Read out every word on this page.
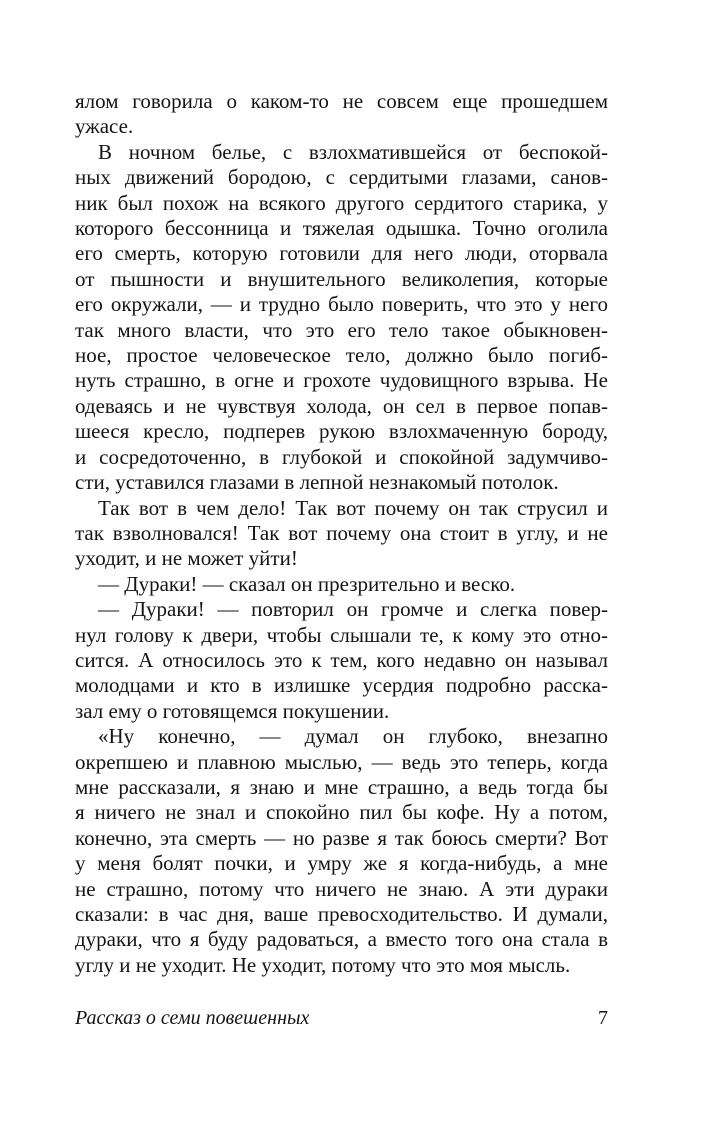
ялом говорила о каком-то не совсем еще прошедшем
ужасе.
В ночном белье, с взлохматившейся от беспокой-
ных движений бородою, с сердитыми глазами, санов-
ник был похож на всякого другого сердитого старика, у
которого бессонница и тяжелая одышка. Точно оголила
его смерть, которую готовили для него люди, оторвала
от пышности и внушительного великолепия, которые
его окружали, — и трудно было поверить, что это у него
так много власти, что это его тело такое обыкновен-
ное, простое человеческое тело, должно было погиб-
нуть страшно, в огне и грохоте чудовищного взрыва. Не
одеваясь и не чувствуя холода, он сел в первое попав-
шееся кресло, подперев рукою взлохмаченную бороду,
и сосредоточенно, в глубокой и спокойной задумчиво-
сти, уставился глазами в лепной незнакомый потолок.
Так вот в чем дело! Так вот почему он так струсил и
так взволновался! Так вот почему она стоит в углу, и не
уходит, и не может уйти!
— Дураки! — сказал он презрительно и веско.
— Дураки! — повторил он громче и слегка повер-
нул голову к двери, чтобы слышали те, к кому это отно-
сится. А относилось это к тем, кого недавно он называл
молодцами и кто в излишке усердия подробно расска-
зал ему о готовящемся покушении.
«Ну конечно, — думал он глубоко, внезапно
окрепшею и плавною мыслью, — ведь это теперь, когда
мне рассказали, я знаю и мне страшно, а ведь тогда бы
я ничего не знал и спокойно пил бы кофе. Ну а потом,
конечно, эта смерть — но разве я так боюсь смерти? Вот
у меня болят почки, и умру же я когда-нибудь, а мне
не страшно, потому что ничего не знаю. А эти дураки
сказали: в час дня, ваше превосходительство. И думали,
дураки, что я буду радоваться, а вместо того она стала в
углу и не уходит. Не уходит, потому что это моя мысль.
Рассказ о семи повешенных	7
